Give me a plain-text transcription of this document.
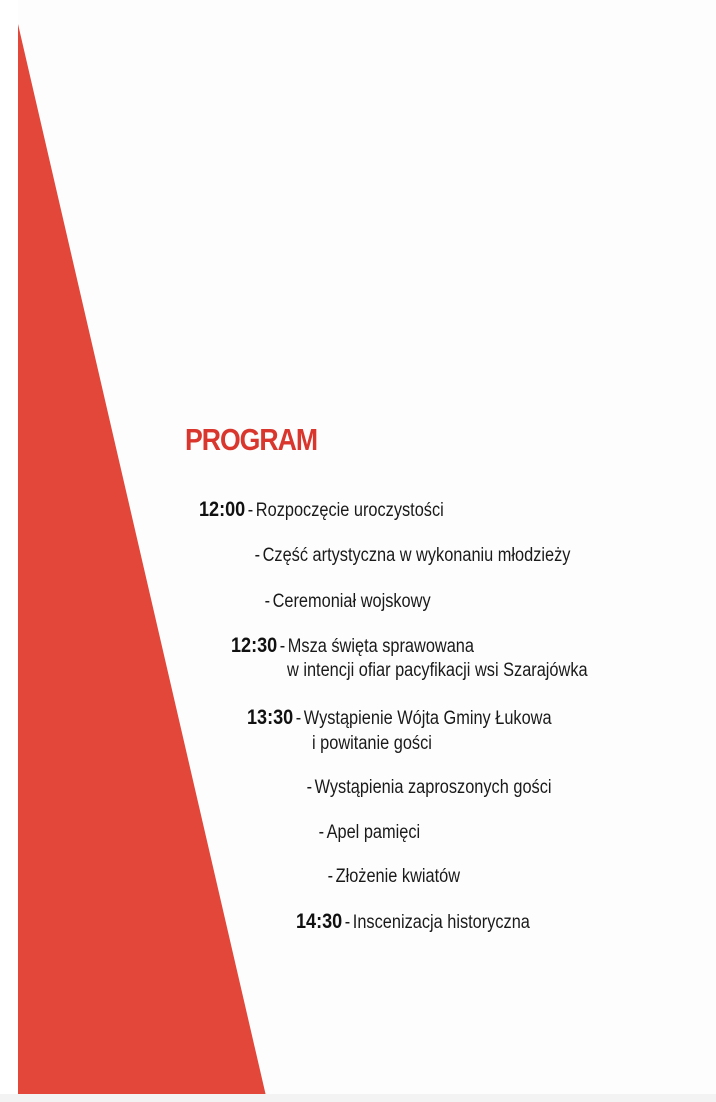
PROGRAM
12:00 - Rozpoczęcie uroczystości
- Część artystyczna w wykonaniu młodzieży
- Ceremoniał wojskowy
12:30 - Msza święta sprawowana
w intencji ofiar pacyfikacji wsi Szarajówka
13:30 - Wystąpienie Wójta Gminy Łukowa
i powitanie gości
- Wystąpienia zaproszonych gości
- Apel pamięci
- Złożenie kwiatów
14:30 - Inscenizacja historyczna
